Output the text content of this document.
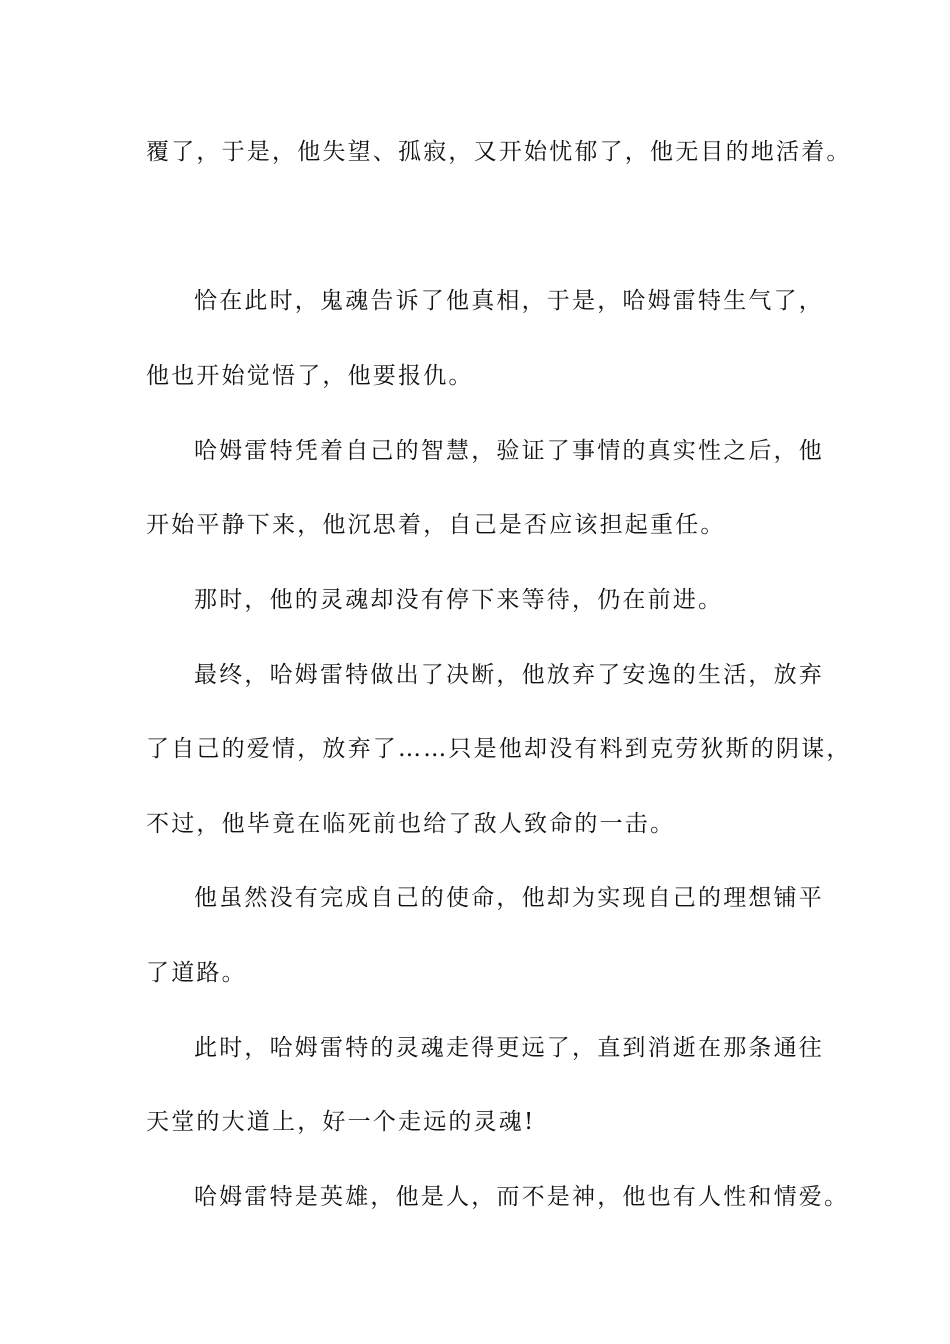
覆了，于是，他失望、孤寂，又开始忧郁了，他无目的地活着。
恰在此时，鬼魂告诉了他真相，于是，哈姆雷特生气了，
他也开始觉悟了，他要报仇。
哈姆雷特凭着自己的智慧，验证了事情的真实性之后，他
开始平静下来，他沉思着，自己是否应该担起重任。
那时，他的灵魂却没有停下来等待，仍在前进。
最终，哈姆雷特做出了决断，他放弃了安逸的生活，放弃
了自己的爱情，放弃了……只是他却没有料到克劳狄斯的阴谋，
不过，他毕竟在临死前也给了敌人致命的一击。
他虽然没有完成自己的使命，他却为实现自己的理想铺平
了道路。
此时，哈姆雷特的灵魂走得更远了，直到消逝在那条通往
天堂的大道上，好一个走远的灵魂!
哈姆雷特是英雄，他是人，而不是神，他也有人性和情爱。
